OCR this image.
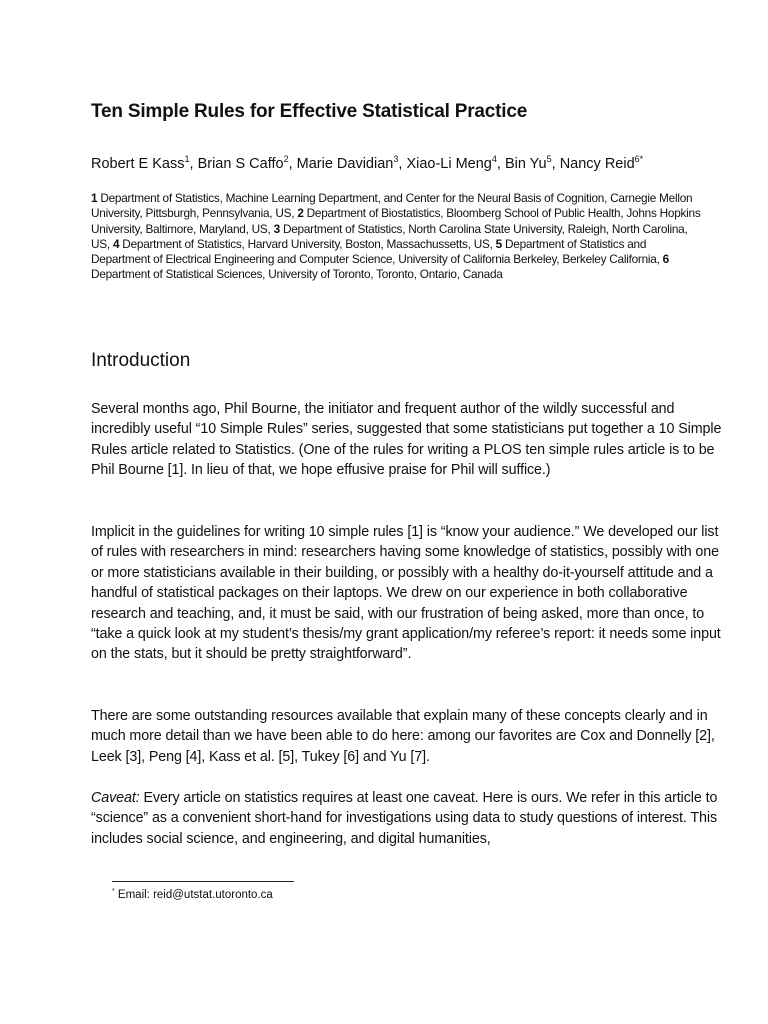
Ten Simple Rules for Effective Statistical Practice

Robert E Kass$^1$, Brian S Caffo$^2$, Marie Davidian$^3$, Xiao-Li Meng$^4$, Bin Yu$^5$, Nancy Reid$^{6*}$

1 Department of Statistics, Machine Learning Department, and Center for the Neural Basis of Cognition, Carnegie Mellon University, Pittsburgh, Pennsylvania, US, 2 Department of Biostatistics, Bloomberg School of Public Health, Johns Hopkins University, Baltimore, Maryland, US, 3 Department of Statistics, North Carolina State University, Raleigh, North Carolina, US, 4 Department of Statistics, Harvard University, Boston, Massachussetts, US, 5 Department of Statistics and Department of Electrical Engineering and Computer Science, University of California Berkeley, Berkeley California, 6 Department of Statistical Sciences, University of Toronto, Toronto, Ontario, Canada

Introduction

Several months ago, Phil Bourne, the initiator and frequent author of the wildly successful and incredibly useful “10 Simple Rules” series, suggested that some statisticians put together a 10 Simple Rules article related to Statistics. (One of the rules for writing a PLOS ten simple rules article is to be Phil Bourne [1]. In lieu of that, we hope effusive praise for Phil will suffice.)

Implicit in the guidelines for writing 10 simple rules [1] is “know your audience.” We developed our list of rules with researchers in mind: researchers having some knowledge of statistics, possibly with one or more statisticians available in their building, or possibly with a healthy do-it-yourself attitude and a handful of statistical packages on their laptops. We drew on our experience in both collaborative research and teaching, and, it must be said, with our frustration of being asked, more than once, to “take a quick look at my student’s thesis/my grant application/my referee’s report: it needs some input on the stats, but it should be pretty straightforward”.

There are some outstanding resources available that explain many of these concepts clearly and in much more detail than we have been able to do here: among our favorites are Cox and Donnelly [2], Leek [3], Peng [4], Kass et al. [5], Tukey [6] and Yu [7].

Caveat: Every article on statistics requires at least one caveat. Here is ours. We refer in this article to “science” as a convenient short-hand for investigations using data to study questions of interest. This includes social science, and engineering, and digital humanities,

* Email: reid@utstat.utoronto.ca
